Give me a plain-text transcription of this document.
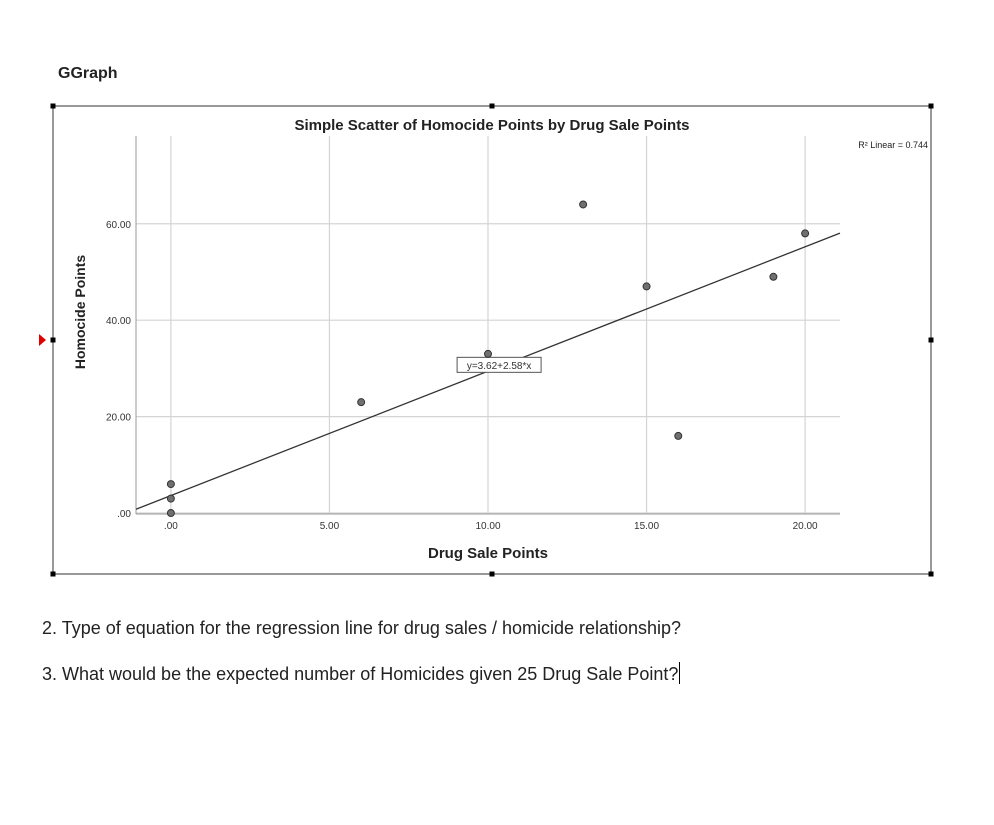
GGraph
.00	5.00	10.00	15.00	20.00
.00
20.00
40.00
60.00
y=3.62+2.58*x
Simple Scatter of Homocide Points by Drug Sale Points
Drug Sale Points
Homocide Points
R² Linear = 0.744
2. Type of equation for the regression line for drug sales / homicide relationship?
3. What would be the expected number of Homicides given 25 Drug Sale Point?
